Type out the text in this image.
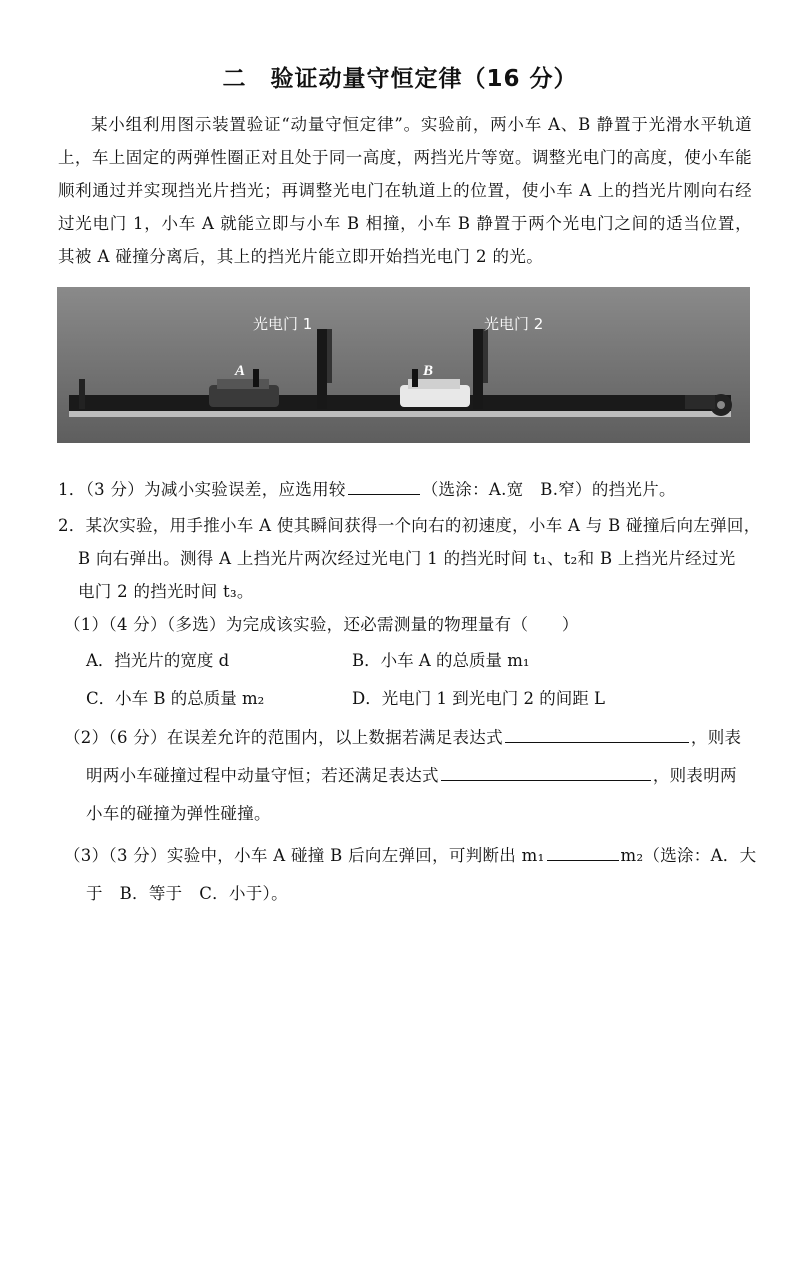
二　验证动量守恒定律（16 分）

某小组利用图示装置验证“动量守恒定律”。实验前，两小车 A、B 静置于光滑水平轨道上，车上固定的两弹性圈正对且处于同一高度，两挡光片等宽。调整光电门的高度，使小车能顺利通过并实现挡光片挡光；再调整光电门在轨道上的位置，使小车 A 上的挡光片刚向右经过光电门 1，小车 A 就能立即与小车 B 相撞，小车 B 静置于两个光电门之间的适当位置，其被 A 碰撞分离后，其上的挡光片能立即开始挡光电门 2 的光。

光电门 1	光电门 2
A	B
1．（3 分）为减小实验误差，应选用较	（选涂：A.宽　B.窄）的挡光片。
2．某次实验，用手推小车 A 使其瞬间获得一个向右的初速度，小车 A 与 B 碰撞后向左弹回，
B 向右弹出。测得 A 上挡光片两次经过光电门 1 的挡光时间 t₁、t₂和 B 上挡光片经过光
电门 2 的挡光时间 t₃。
（1）（4 分）（多选）为完成该实验，还必需测量的物理量有（　　）
A．挡光片的宽度 d	B．小车 A 的总质量 m₁
C．小车 B 的总质量 m₂	D．光电门 1 到光电门 2 的间距 L
（2）（6 分）在误差允许的范围内，以上数据若满足表达式	，则表
明两小车碰撞过程中动量守恒；若还满足表达式	，则表明两
小车的碰撞为弹性碰撞。
（3）（3 分）实验中，小车 A 碰撞 B 后向左弹回，可判断出 m₁	m₂（选涂：A．大
于　B．等于　C．小于）。
